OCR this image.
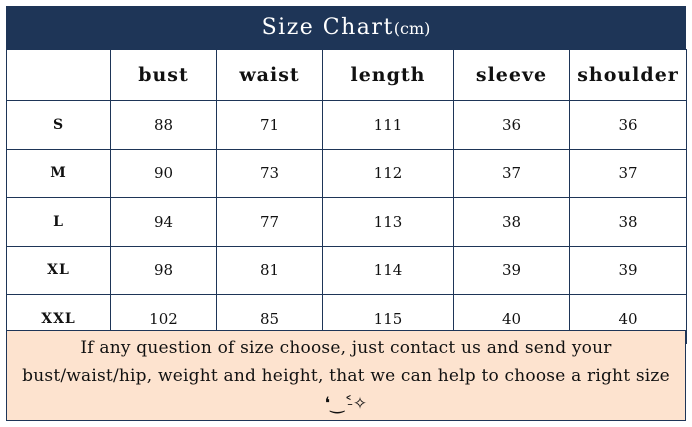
Size Chart(cm)
	bust	waist	length	sleeve	shoulder
S	88	71	111	36	36
M	90	73	112	37	37
L	94	77	113	38	38
XL	98	81	114	39	39
XXL	102	85	115	40	40
If any question of size choose, just contact us and send your bust/waist/hip, weight and height, that we can help to choose a right size ❛‿˂̵✧
